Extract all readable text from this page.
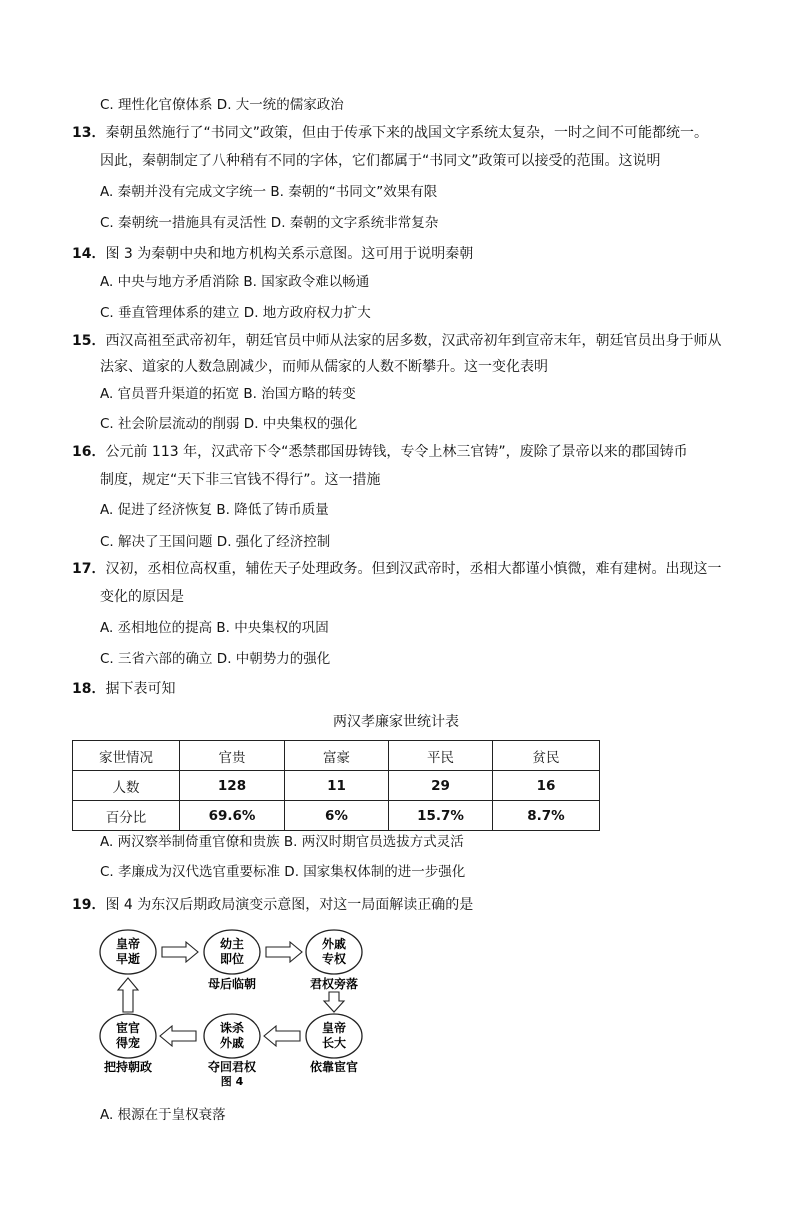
C. 理性化官僚体系 D. 大一统的儒家政治
13．秦朝虽然施行了“书同文”政策，但由于传承下来的战国文字系统太复杂，一时之间不可能都统一。
因此，秦朝制定了八种稍有不同的字体，它们都属于“书同文”政策可以接受的范围。这说明
A. 秦朝并没有完成文字统一 B. 秦朝的“书同文”效果有限
C. 秦朝统一措施具有灵活性 D. 秦朝的文字系统非常复杂
14．图 3 为秦朝中央和地方机构关系示意图。这可用于说明秦朝
A. 中央与地方矛盾消除 B. 国家政令难以畅通
C. 垂直管理体系的建立 D. 地方政府权力扩大
15．西汉高祖至武帝初年，朝廷官员中师从法家的居多数，汉武帝初年到宣帝末年，朝廷官员出身于师从
法家、道家的人数急剧减少，而师从儒家的人数不断攀升。这一变化表明
A. 官员晋升渠道的拓宽 B. 治国方略的转变
C. 社会阶层流动的削弱 D. 中央集权的强化
16．公元前 113 年，汉武帝下令“悉禁郡国毋铸钱，专令上林三官铸”，废除了景帝以来的郡国铸币
制度，规定“天下非三官钱不得行”。这一措施
A. 促进了经济恢复 B. 降低了铸币质量
C. 解决了王国问题 D. 强化了经济控制
17．汉初，丞相位高权重，辅佐天子处理政务。但到汉武帝时，丞相大都谨小慎微，难有建树。出现这一
变化的原因是
A. 丞相地位的提高 B. 中央集权的巩固
C. 三省六部的确立 D. 中朝势力的强化
18．据下表可知
两汉孝廉家世统计表
家世情况	官贵	富豪	平民	贫民
人数	128	11	29	16
百分比	69.6%	6%	15.7%	8.7%
A. 两汉察举制倚重官僚和贵族 B. 两汉时期官员选拔方式灵活
C. 孝廉成为汉代选官重要标准 D. 国家集权体制的进一步强化
19．图 4 为东汉后期政局演变示意图，对这一局面解读正确的是
皇帝
早逝
幼主
即位
母后临朝
外戚
专权
君权旁落
皇帝
长大
依靠宦官
诛杀
外戚
夺回君权
宦官
得宠
把持朝政
图 4
A. 根源在于皇权衰落
